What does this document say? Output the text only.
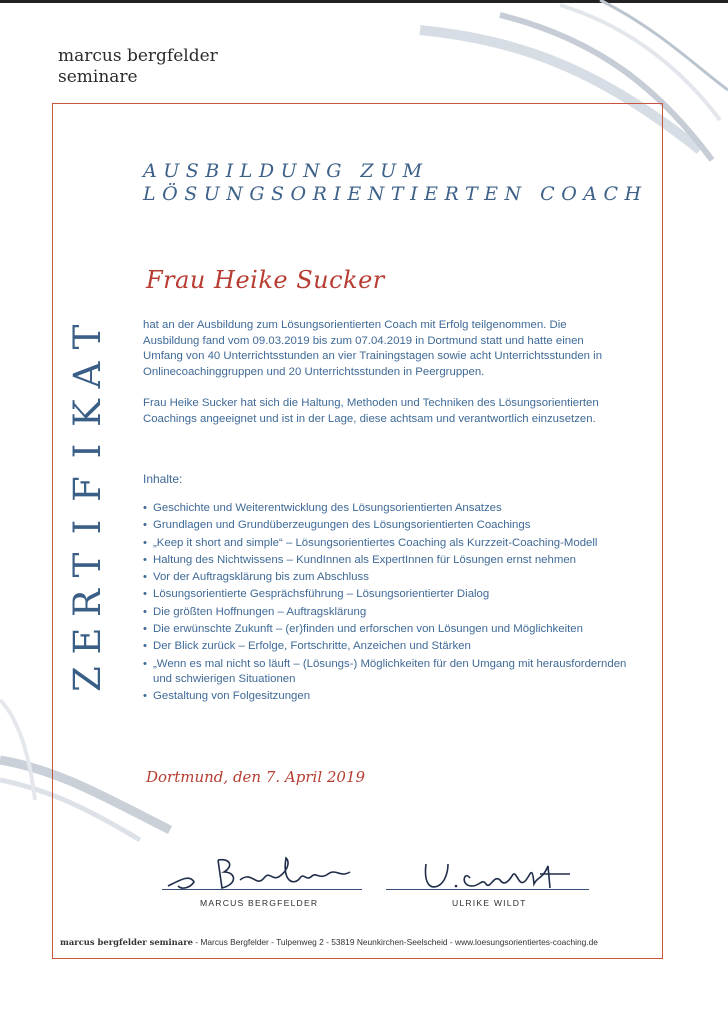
marcus bergfelder
seminare
AUSBILDUNG ZUM
LÖSUNGSORIENTIERTEN COACH
Frau Heike Sucker
T
A
K
I
F
I
T
R
E
Z
hat an der Ausbildung zum Lösungsorientierten Coach mit Erfolg teilgenommen. Die Ausbildung fand vom 09.03.2019 bis zum 07.04.2019 in Dortmund statt und hatte einen Umfang von 40 Unterrichtsstunden an vier Trainingstagen sowie acht Unterrichtsstunden in Onlinecoachinggruppen und 20 Unterrichtsstunden in Peergruppen.
Frau Heike Sucker hat sich die Haltung, Methoden und Techniken des Lösungsorientierten Coachings angeeignet und ist in der Lage, diese achtsam und verantwortlich einzusetzen.
Inhalte:
• Geschichte und Weiterentwicklung des Lösungsorientierten Ansatzes
• Grundlagen und Grundüberzeugungen des Lösungsorientierten Coachings
• „Keep it short and simple“ – Lösungsorientiertes Coaching als Kurzzeit-Coaching-Modell
• Haltung des Nichtwissens – KundInnen als ExpertInnen für Lösungen ernst nehmen
• Vor der Auftragsklärung bis zum Abschluss
• Lösungsorientierte Gesprächsführung – Lösungsorientierter Dialog
• Die größten Hoffnungen – Auftragsklärung
• Die erwünschte Zukunft – (er)finden und erforschen von Lösungen und Möglichkeiten
• Der Blick zurück – Erfolge, Fortschritte, Anzeichen und Stärken
• „Wenn es mal nicht so läuft – (Lösungs-) Möglichkeiten für den Umgang mit herausfordernden und schwierigen Situationen
• Gestaltung von Folgesitzungen
Dortmund, den 7. April 2019
MARCUS BERGFELDER	ULRIKE WILDT
marcus bergfelder seminare - Marcus Bergfelder - Tulpenweg 2 - 53819 Neunkirchen-Seelscheid - www.loesungsorientiertes-coaching.de
